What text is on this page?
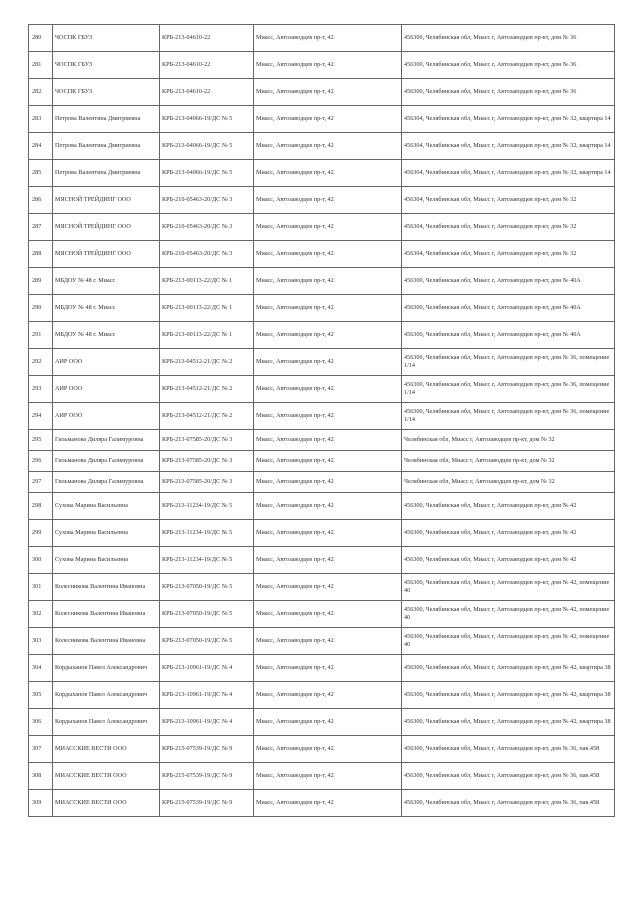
280	ЧОСПК ГБУЗ	КРБ-213-04610-22	Миасс, Автозаводцев пр-т, 42	456300, Челябинская обл, Миасс г, Автозаводцев пр-кт, дом № 36
281	ЧОСПК ГБУЗ	КРБ-213-04610-22	Миасс, Автозаводцев пр-т, 42	456300, Челябинская обл, Миасс г, Автозаводцев пр-кт, дом № 36
282	ЧОСПК ГБУЗ	КРБ-213-04610-22	Миасс, Автозаводцев пр-т, 42	456300, Челябинская обл, Миасс г, Автозаводцев пр-кт, дом № 36
283	Петрова Валентина Дмитриевна	КРБ-213-04066-19/ДС № 5	Миасс, Автозаводцев пр-т, 42	456304, Челябинская обл, Миасс г, Автозаводцев пр-кт, дом № 32, квартира 14
284	Петрова Валентина Дмитриевна	КРБ-213-04066-19/ДС № 5	Миасс, Автозаводцев пр-т, 42	456304, Челябинская обл, Миасс г, Автозаводцев пр-кт, дом № 32, квартира 14
285	Петрова Валентина Дмитриевна	КРБ-213-04066-19/ДС № 5	Миасс, Автозаводцев пр-т, 42	456304, Челябинская обл, Миасс г, Автозаводцев пр-кт, дом № 32, квартира 14
286	МЯСНОЙ ТРЕЙДИНГ ООО	КРБ-210-05463-20/ДС № 3	Миасс, Автозаводцев пр-т, 42	456304, Челябинская обл, Миасс г, Автозаводцев пр-кт, дом № 32
287	МЯСНОЙ ТРЕЙДИНГ ООО	КРБ-210-05463-20/ДС № 3	Миасс, Автозаводцев пр-т, 42	456304, Челябинская обл, Миасс г, Автозаводцев пр-кт, дом № 32
288	МЯСНОЙ ТРЕЙДИНГ ООО	КРБ-210-05463-20/ДС № 3	Миасс, Автозаводцев пр-т, 42	456304, Челябинская обл, Миасс г, Автозаводцев пр-кт, дом № 32
289	МБДОУ № 48 г. Миасс	КРБ-213-00113-22/ДС № 1	Миасс, Автозаводцев пр-т, 42	456300, Челябинская обл, Миасс г, Автозаводцев пр-кт, дом № 40А
290	МБДОУ № 48 г. Миасс	КРБ-213-00113-22/ДС № 1	Миасс, Автозаводцев пр-т, 42	456300, Челябинская обл, Миасс г, Автозаводцев пр-кт, дом № 40А
291	МБДОУ № 48 г. Миасс	КРБ-213-00113-22/ДС № 1	Миасс, Автозаводцев пр-т, 42	456300, Челябинская обл, Миасс г, Автозаводцев пр-кт, дом № 40А
292	АИР ООО	КРБ-213-04512-21/ДС № 2	Миасс, Автозаводцев пр-т, 42	456300, Челябинская обл, Миасс г, Автозаводцев пр-кт, дом № 36, помещение 1/14
293	АИР ООО	КРБ-213-04512-21/ДС № 2	Миасс, Автозаводцев пр-т, 42	456300, Челябинская обл, Миасс г, Автозаводцев пр-кт, дом № 36, помещение 1/14
294	АИР ООО	КРБ-213-04512-21/ДС № 2	Миасс, Автозаводцев пр-т, 42	456300, Челябинская обл, Миасс г, Автозаводцев пр-кт, дом № 36, помещение 1/14
295	Гильманова Диляра Галимуровна	КРБ-213-07585-20/ДС № 3	Миасс, Автозаводцев пр-т, 42	Челябинская обл, Миасс г, Автозаводцев пр-кт, дом № 32
296	Гильманова Диляра Галимуровна	КРБ-213-07585-20/ДС № 3	Миасс, Автозаводцев пр-т, 42	Челябинская обл, Миасс г, Автозаводцев пр-кт, дом № 32
297	Гильманова Диляра Галимуровна	КРБ-213-07585-20/ДС № 3	Миасс, Автозаводцев пр-т, 42	Челябинская обл, Миасс г, Автозаводцев пр-кт, дом № 32
298	Сухова Марина Васильевна	КРБ-213-11234-19/ДС № 5	Миасс, Автозаводцев пр-т, 42	456300, Челябинская обл, Миасс г, Автозаводцев пр-кт, дом № 42
299	Сухова Марина Васильевна	КРБ-213-11234-19/ДС № 5	Миасс, Автозаводцев пр-т, 42	456300, Челябинская обл, Миасс г, Автозаводцев пр-кт, дом № 42
300	Сухова Марина Васильевна	КРБ-213-11234-19/ДС № 5	Миасс, Автозаводцев пр-т, 42	456300, Челябинская обл, Миасс г, Автозаводцев пр-кт, дом № 42
301	Колесникова Валентина Ивановна	КРБ-213-07050-19/ДС № 5	Миасс, Автозаводцев пр-т, 42	456300, Челябинская обл, Миасс г, Автозаводцев пр-кт, дом № 42, помещение 40
302	Колесникова Валентина Ивановна	КРБ-213-07050-19/ДС № 5	Миасс, Автозаводцев пр-т, 42	456300, Челябинская обл, Миасс г, Автозаводцев пр-кт, дом № 42, помещение 40
303	Колесникова Валентина Ивановна	КРБ-213-07050-19/ДС № 5	Миасс, Автозаводцев пр-т, 42	456300, Челябинская обл, Миасс г, Автозаводцев пр-кт, дом № 42, помещение 40
304	Кордыханов Павел Александрович	КРБ-213-10961-19/ДС № 4	Миасс, Автозаводцев пр-т, 42	456300, Челябинская обл, Миасс г, Автозаводцев пр-кт, дом № 42, квартира 38
305	Кордыханов Павел Александрович	КРБ-213-10961-19/ДС № 4	Миасс, Автозаводцев пр-т, 42	456300, Челябинская обл, Миасс г, Автозаводцев пр-кт, дом № 42, квартира 38
306	Кордыханов Павел Александрович	КРБ-213-10961-19/ДС № 4	Миасс, Автозаводцев пр-т, 42	456300, Челябинская обл, Миасс г, Автозаводцев пр-кт, дом № 42, квартира 38
307	МИАССКИЕ ВЕСТИ ООО	КРБ-215-07539-19/ДС № 9	Миасс, Автозаводцев пр-т, 42	456300, Челябинская обл, Миасс г, Автозаводцев пр-кт, дом № 36, пав.458
308	МИАССКИЕ ВЕСТИ ООО	КРБ-215-07539-19/ДС № 9	Миасс, Автозаводцев пр-т, 42	456300, Челябинская обл, Миасс г, Автозаводцев пр-кт, дом № 36, пав.458
309	МИАССКИЕ ВЕСТИ ООО	КРБ-215-07539-19/ДС № 9	Миасс, Автозаводцев пр-т, 42	456300, Челябинская обл, Миасс г, Автозаводцев пр-кт, дом № 36, пав.458
